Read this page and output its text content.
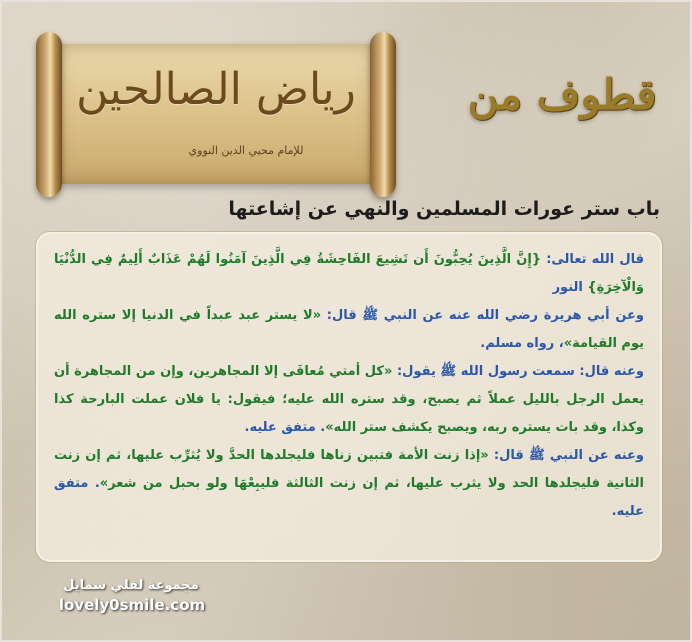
رياض الصالحين
للإمام محيي الدين النووي
قطوف من
باب ستر عورات المسلمين والنهي عن إشاعتها

قال الله تعالى: {إِنَّ الَّذِينَ يُحِبُّونَ أَن تَشِيعَ الفَاحِشَةُ فِي الَّذِينَ آمَنُوا لَهُمْ عَذَابٌ أَلِيمٌ فِي الدُّنْيَا وَالْآخِرَةِ} النور

وعن أبي هريرة رضي الله عنه عن النبي ﷺ قال: «لا يستر عبد عبداً في الدنيا إلا ستره الله يوم القيامة»، رواه مسلم.

وعنه قال: سمعت رسول الله ﷺ يقول: «كل أمتي مُعافَى إلا المجاهرين، وإن من المجاهرة أن يعمل الرجل بالليل عملاً ثم يصبح، وقد ستره الله عليه؛ فيقول: يا فلان عملت البارحة كذا وكذا، وقد بات يستره ربه، ويصبح يكشف ستر الله». متفق عليه.

وعنه عن النبي ﷺ قال: «إذا زنت الأمة فتبين زناها فليجلدها الحدَّ ولا يُثرِّب عليها، ثم إن زنت الثانية فليجلدها الحد ولا يثرب عليها، ثم إن زنت الثالثة فليبِعْهَا ولو بحبل من شعر». متفق عليه.

مجموعة لفلي سمايل
lovely0smile.com
